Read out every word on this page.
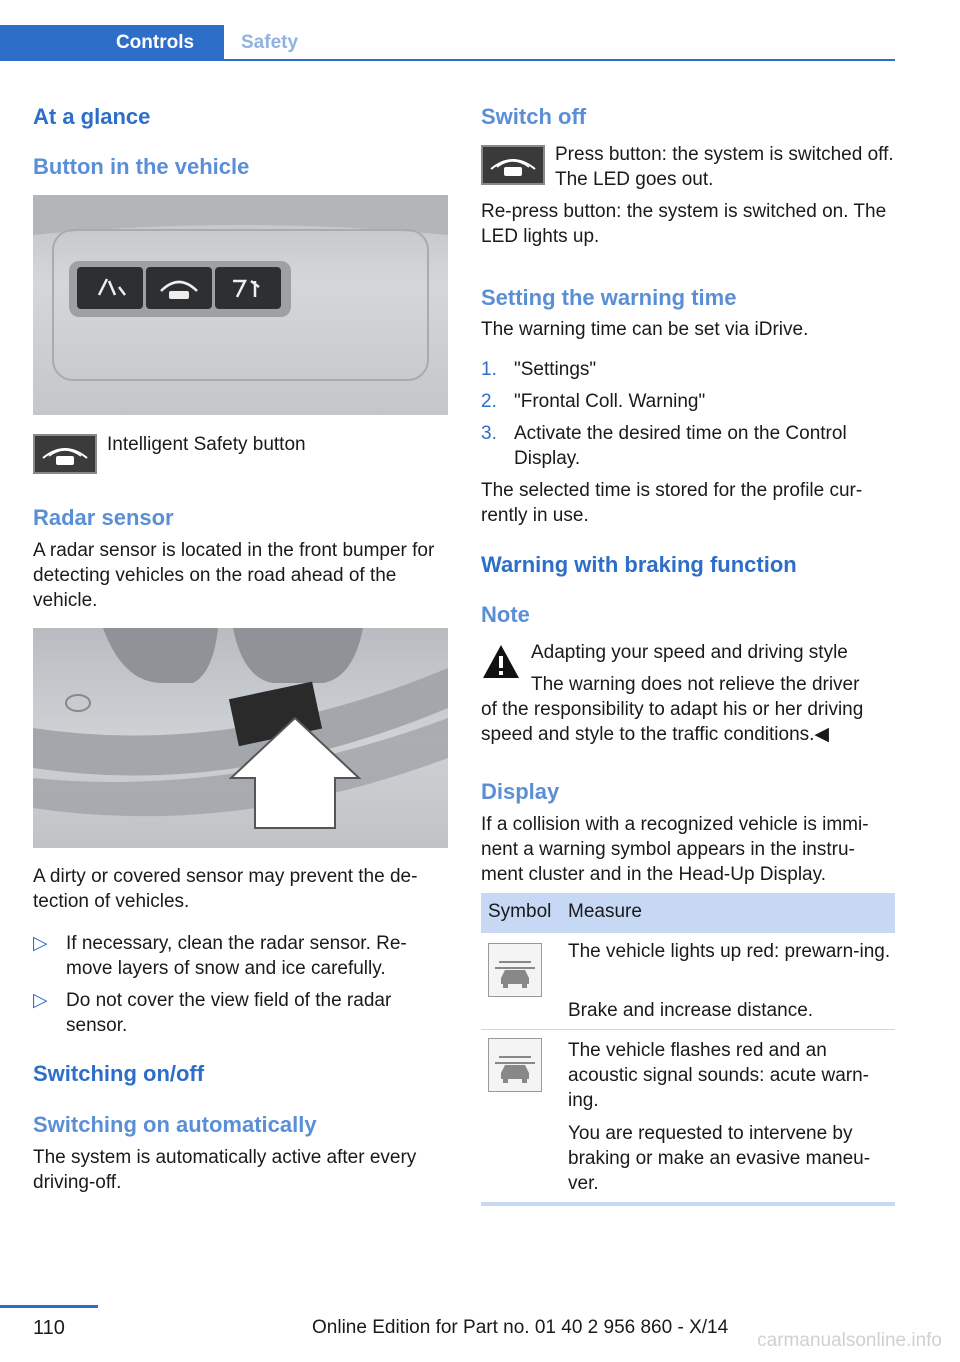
Controls	Safety
At a glance
Button in the vehicle

Intelligent Safety button

Radar sensor

A radar sensor is located in the front bumper for detecting vehicles on the road ahead of the vehicle.

A dirty or covered sensor may prevent the de‐tection of vehicles.

▷ If necessary, clean the radar sensor. Re‐move layers of snow and ice carefully.
▷ Do not cover the view field of the radar sensor.
Switching on/off
Switching on automatically

The system is automatically active after every driving-off.

Switch off

Press button: the system is switched off. The LED goes out.

Re-press button: the system is switched on. The LED lights up.

Setting the warning time

The warning time can be set via iDrive.

1. "Settings"
2. "Frontal Coll. Warning"
3. Activate the desired time on the Control Display.

The selected time is stored for the profile cur‐rently in use.

Warning with braking function
Note

Adapting your speed and driving style

The warning does not relieve the driver

of the responsibility to adapt his or her driving speed and style to the traffic conditions.◀

Display

If a collision with a recognized vehicle is immi‐nent a warning symbol appears in the instru‐ment cluster and in the Head-Up Display.

Symbol Measure

The vehicle lights up red: prewarn‐ing.

Brake and increase distance.

The vehicle flashes red and an acoustic signal sounds: acute warn‐ing.

You are requested to intervene by braking or make an evasive maneu‐ver.

110	Online Edition for Part no. 01 40 2 956 860 - X/14
carmanualsonline.info
